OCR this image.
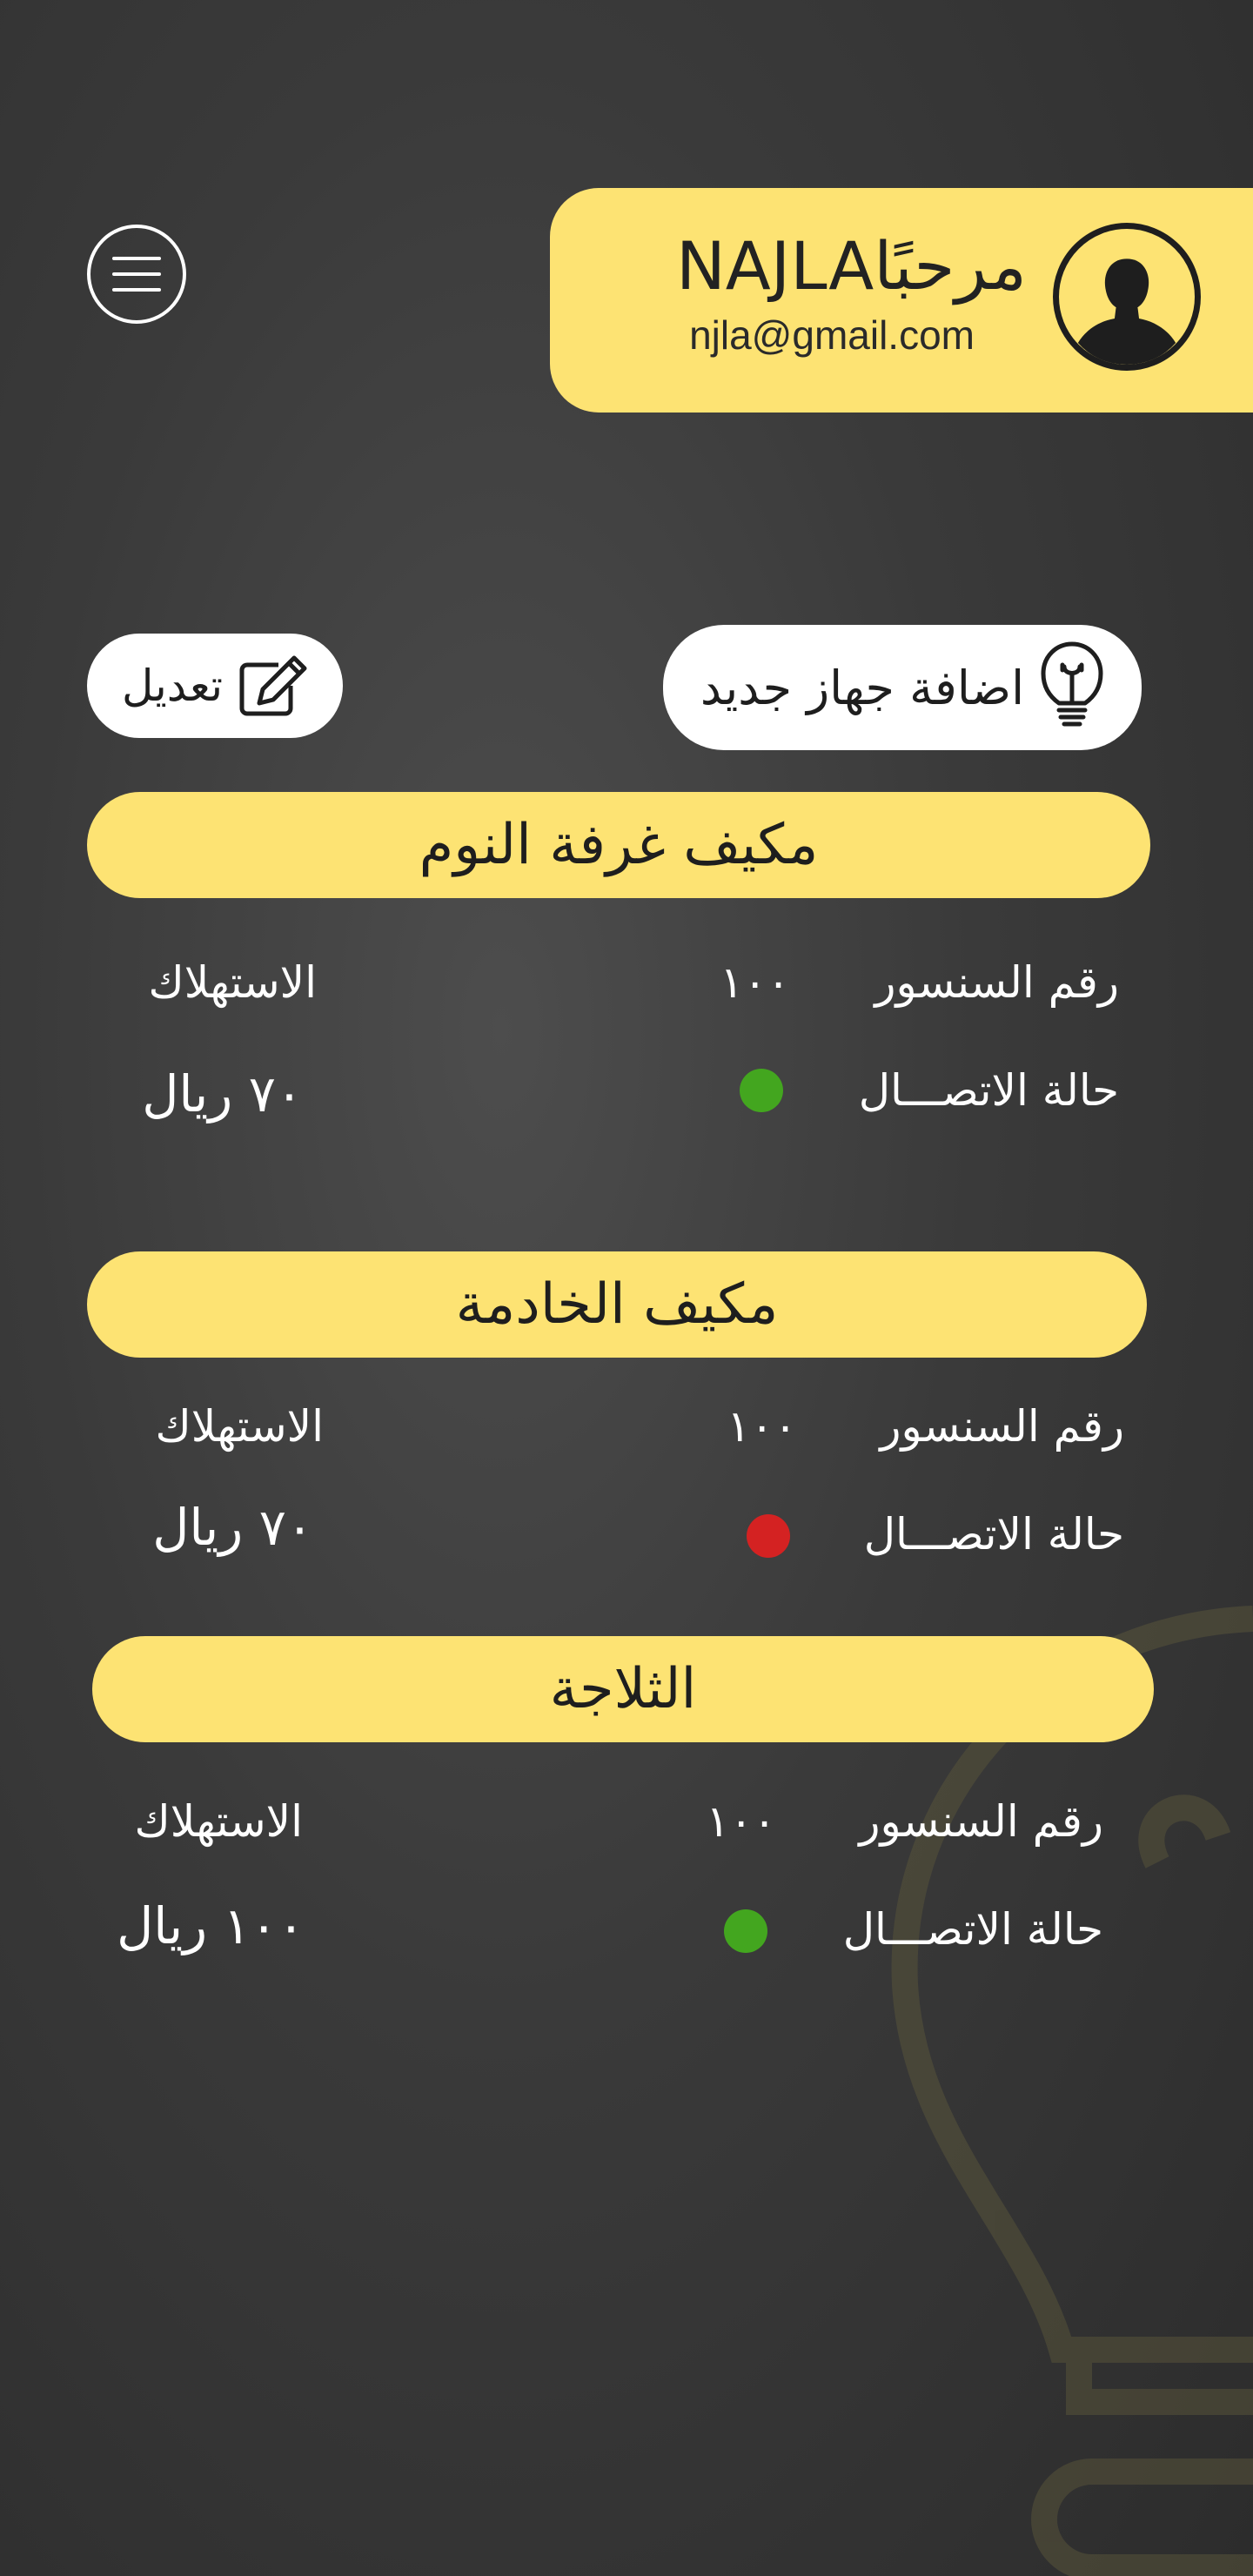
مرحبًاNAJLA
njla@gmail.com
اضافة جهاز جديد
تعديل
مكيف غرفة النوم
رقم السنسور
١٠٠
الاستهلاك
حالة الاتصـــال
٧٠ ريال
مكيف الخادمة
رقم السنسور
١٠٠
الاستهلاك
حالة الاتصـــال
٧٠ ريال
الثلاجة
رقم السنسور
١٠٠
الاستهلاك
حالة الاتصـــال
١٠٠ ريال
